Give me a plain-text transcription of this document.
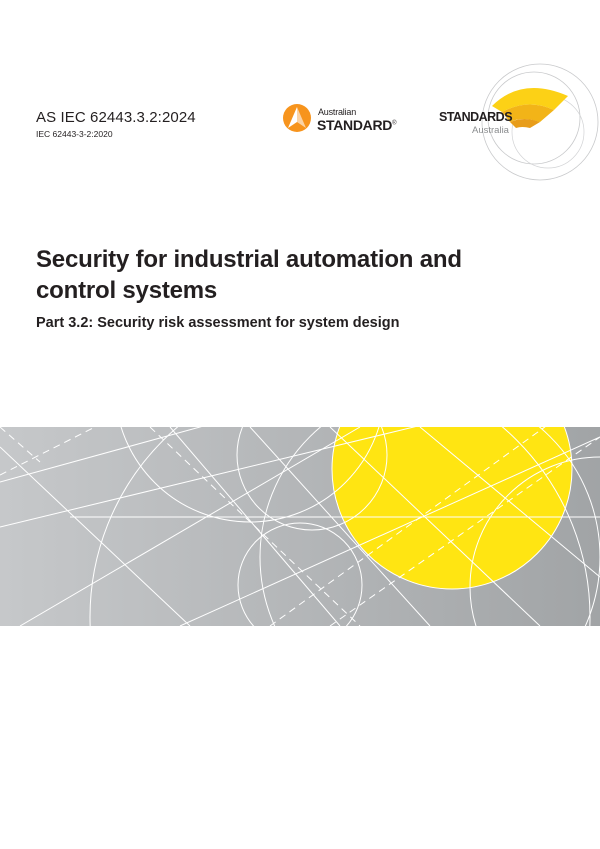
AS IEC 62443.3.2:2024
IEC 62443-3-2:2020
Australian
STANDARD®	STANDARDS
Australia
Security for industrial automation and control systems
Part 3.2: Security risk assessment for system design
